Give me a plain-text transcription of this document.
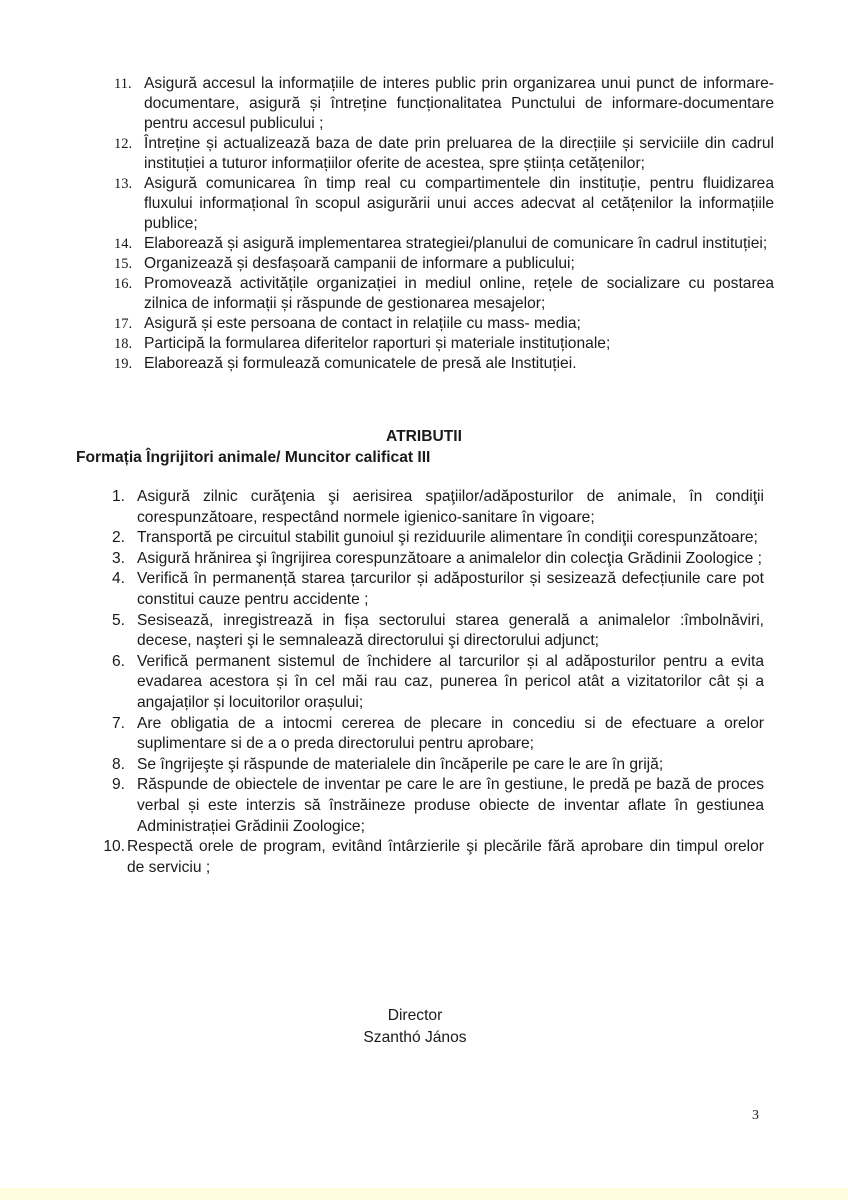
11. Asigură accesul la informațiile de interes public prin organizarea unui punct de informare-documentare, asigură și întreține funcționalitatea Punctului de informare-documentare pentru accesul publicului ;
12. Întreține și actualizează baza de date prin preluarea de la direcțiile și serviciile din cadrul instituției a tuturor informațiilor oferite de acestea, spre știința cetățenilor;
13. Asigură comunicarea în timp real cu compartimentele din instituție, pentru fluidizarea fluxului informațional în scopul asigurării unui acces adecvat al cetățenilor la informațiile publice;
14. Elaborează și asigură implementarea strategiei/planului de comunicare în cadrul instituției;
15. Organizează și desfașoară campanii de informare a publicului;
16. Promovează activitățile organizației in mediul online, rețele de socializare cu postarea zilnica de informații și răspunde de gestionarea mesajelor;
17. Asigură și este persoana de contact in relațiile cu mass- media;
18. Participă la formularea diferitelor raporturi și materiale instituționale;
19. Elaborează și formulează comunicatele de presă ale Instituției.
ATRIBUTII
Formația Îngrijitori animale/ Muncitor calificat III
1. Asigură zilnic curăţenia şi aerisirea spaţiilor/adăposturilor de animale, în condiţii corespunzătoare, respectând normele igienico-sanitare în vigoare;
2. Transportă pe circuitul stabilit gunoiul şi reziduurile alimentare în condiţii corespunzătoare;
3. Asigură hrănirea şi îngrijirea corespunzătoare a animalelor din colecţia Grădinii Zoologice ;
4. Verifică în permanență starea țarcurilor și adăposturilor și sesizează defecțiunile care pot constitui cauze pentru accidente ;
5. Sesisează, inregistrează in fișa sectorului starea generală a animalelor :îmbolnăviri, decese, naşteri şi le semnalează directorului şi directorului adjunct;
6. Verifică permanent sistemul de închidere al tarcurilor și al adăposturilor pentru a evita evadarea acestora și în cel măi rau caz, punerea în pericol atât a vizitatorilor cât și a angajaților și locuitorilor orașului;
7. Are obligatia de a intocmi cererea de plecare in concediu si de efectuare a orelor suplimentare si de a o preda directorului pentru aprobare;
8. Se îngrijeşte şi răspunde de materialele din încăperile pe care le are în grijă;
9. Răspunde de obiectele de inventar pe care le are în gestiune, le predă pe bază de proces verbal și este interzis să înstrăineze produse obiecte de inventar aflate în gestiunea Administrației Grădinii Zoologice;
10. Respectă orele de program, evitând întârzierile şi plecările fără aprobare din timpul orelor de serviciu ;
Director
Szanthó János
3
